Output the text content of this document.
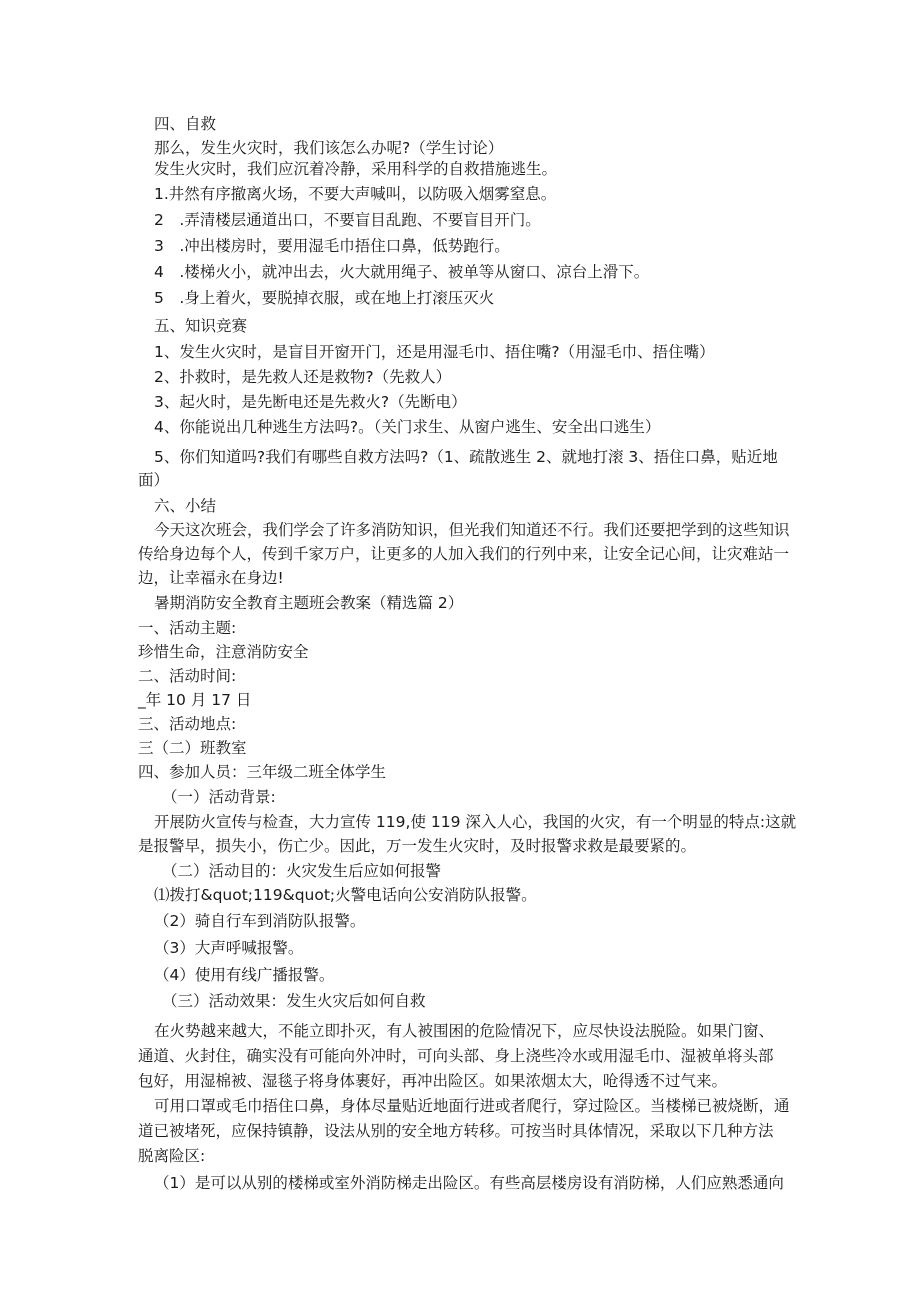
四、自救
那么，发生火灾时，我们该怎么办呢?（学生讨论）
发生火灾时，我们应沉着冷静，采用科学的自救措施逃生。
1.井然有序撤离火场，不要大声喊叫，以防吸入烟雾窒息。
2　.弄清楼层通道出口，不要盲目乱跑、不要盲目开门。
3　.冲出楼房时，要用湿毛巾捂住口鼻，低势跑行。
4　.楼梯火小，就冲出去，火大就用绳子、被单等从窗口、凉台上滑下。
5　.身上着火，要脱掉衣服，或在地上打滚压灭火
五、知识竞赛
1、发生火灾时，是盲目开窗开门，还是用湿毛巾、捂住嘴?（用湿毛巾、捂住嘴）
2、扑救时，是先救人还是救物?（先救人）
3、起火时，是先断电还是先救火?（先断电）
4、你能说出几种逃生方法吗?。（关门求生、从窗户逃生、安全出口逃生）
5、你们知道吗?我们有哪些自救方法吗?（1、疏散逃生 2、就地打滚 3、捂住口鼻，贴近地
面）
六、小结
今天这次班会，我们学会了许多消防知识，但光我们知道还不行。我们还要把学到的这些知识
传给身边每个人，传到千家万户，让更多的人加入我们的行列中来，让安全记心间，让灾难站一
边，让幸福永在身边!
暑期消防安全教育主题班会教案（精选篇 2）
一、活动主题:
珍惜生命，注意消防安全
二、活动时间:
_年 10 月 17 日
三、活动地点:
三（二）班教室
四、参加人员：三年级二班全体学生
（一）活动背景:
开展防火宣传与检查，大力宣传 119,使 119 深入人心，我国的火灾，有一个明显的特点:这就
是报警早，损失小，伤亡少。因此，万一发生火灾时，及时报警求救是最要紧的。
（二）活动目的：火灾发生后应如何报警
⑴拨打&quot;119&quot;火警电话向公安消防队报警。
（2）骑自行车到消防队报警。
（3）大声呼喊报警。
（4）使用有线广播报警。
（三）活动效果：发生火灾后如何自救
在火势越来越大，不能立即扑灭，有人被围困的危险情况下，应尽快设法脱险。如果门窗、
通道、火封住，确实没有可能向外冲时，可向头部、身上浇些冷水或用湿毛巾、湿被单将头部
包好，用湿棉被、湿毯子将身体裹好，再冲出险区。如果浓烟太大，呛得透不过气来。
可用口罩或毛巾捂住口鼻，身体尽量贴近地面行进或者爬行，穿过险区。当楼梯已被烧断，通
道已被堵死，应保持镇静，设法从别的安全地方转移。可按当时具体情况，采取以下几种方法
脱离险区:
（1）是可以从别的楼梯或室外消防梯走出险区。有些高层楼房设有消防梯，人们应熟悉通向
